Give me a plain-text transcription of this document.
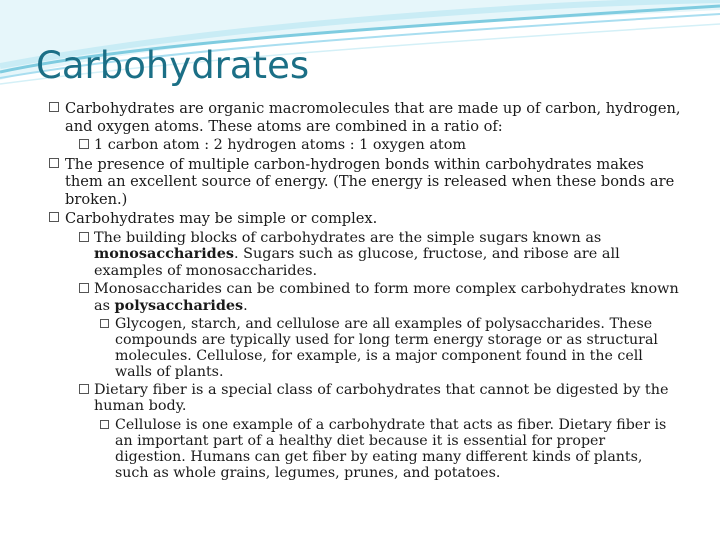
Carbohydrates
Carbohydrates are organic macromolecules that are made up of carbon, hydrogen, and oxygen atoms. These atoms are combined in a ratio of:
1 carbon atom : 2 hydrogen atoms : 1 oxygen atom
The presence of multiple carbon-hydrogen bonds within carbohydrates makes them an excellent source of energy. (The energy is released when these bonds are broken.)
Carbohydrates may be simple or complex.
The building blocks of carbohydrates are the simple sugars known as monosaccharides. Sugars such as glucose, fructose, and ribose are all examples of monosaccharides.
Monosaccharides can be combined to form more complex carbohydrates known as polysaccharides.
Glycogen, starch, and cellulose are all examples of polysaccharides. These compounds are typically used for long term energy storage or as structural molecules. Cellulose, for example, is a major component found in the cell walls of plants.
Dietary fiber is a special class of carbohydrates that cannot be digested by the human body.
Cellulose is one example of a carbohydrate that acts as fiber. Dietary fiber is an important part of a healthy diet because it is essential for proper digestion. Humans can get fiber by eating many different kinds of plants, such as whole grains, legumes, prunes, and potatoes.
